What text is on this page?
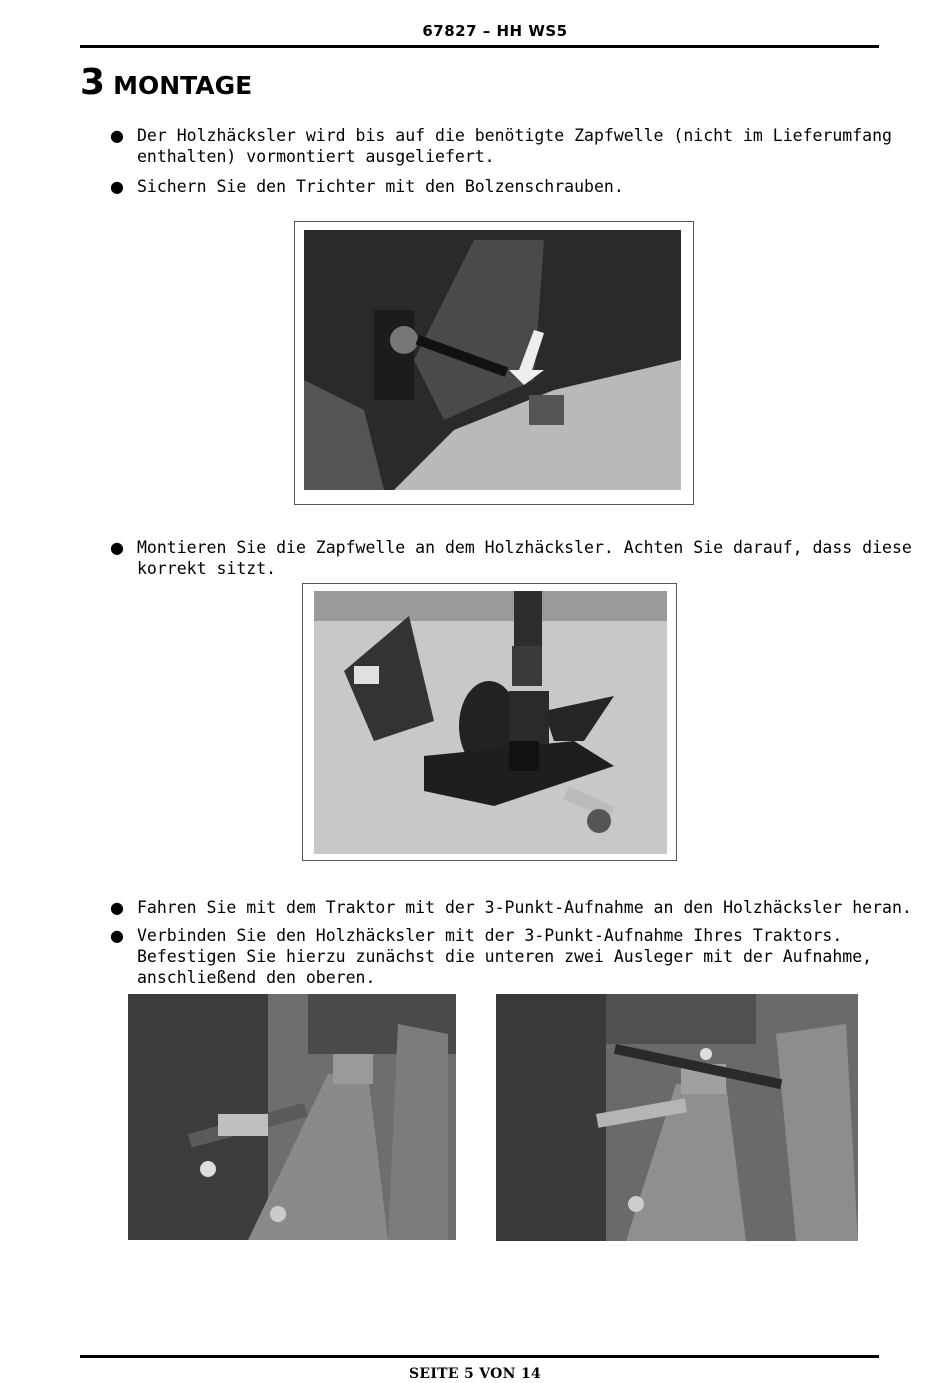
67827 – HH WS5
3 MONTAGE
● Der Holzhäcksler wird bis auf die benötigte Zapfwelle (nicht im Lieferumfang
enthalten) vormontiert ausgeliefert.
● Sichern Sie den Trichter mit den Bolzenschrauben.
● Montieren Sie die Zapfwelle an dem Holzhäcksler. Achten Sie darauf, dass diese
korrekt sitzt.
● Fahren Sie mit dem Traktor mit der 3-Punkt-Aufnahme an den Holzhäcksler heran.
● Verbinden Sie den Holzhäcksler mit der 3-Punkt-Aufnahme Ihres Traktors.
Befestigen Sie hierzu zunächst die unteren zwei Ausleger mit der Aufnahme,
anschließend den oberen.
SEITE 5 VON 14
